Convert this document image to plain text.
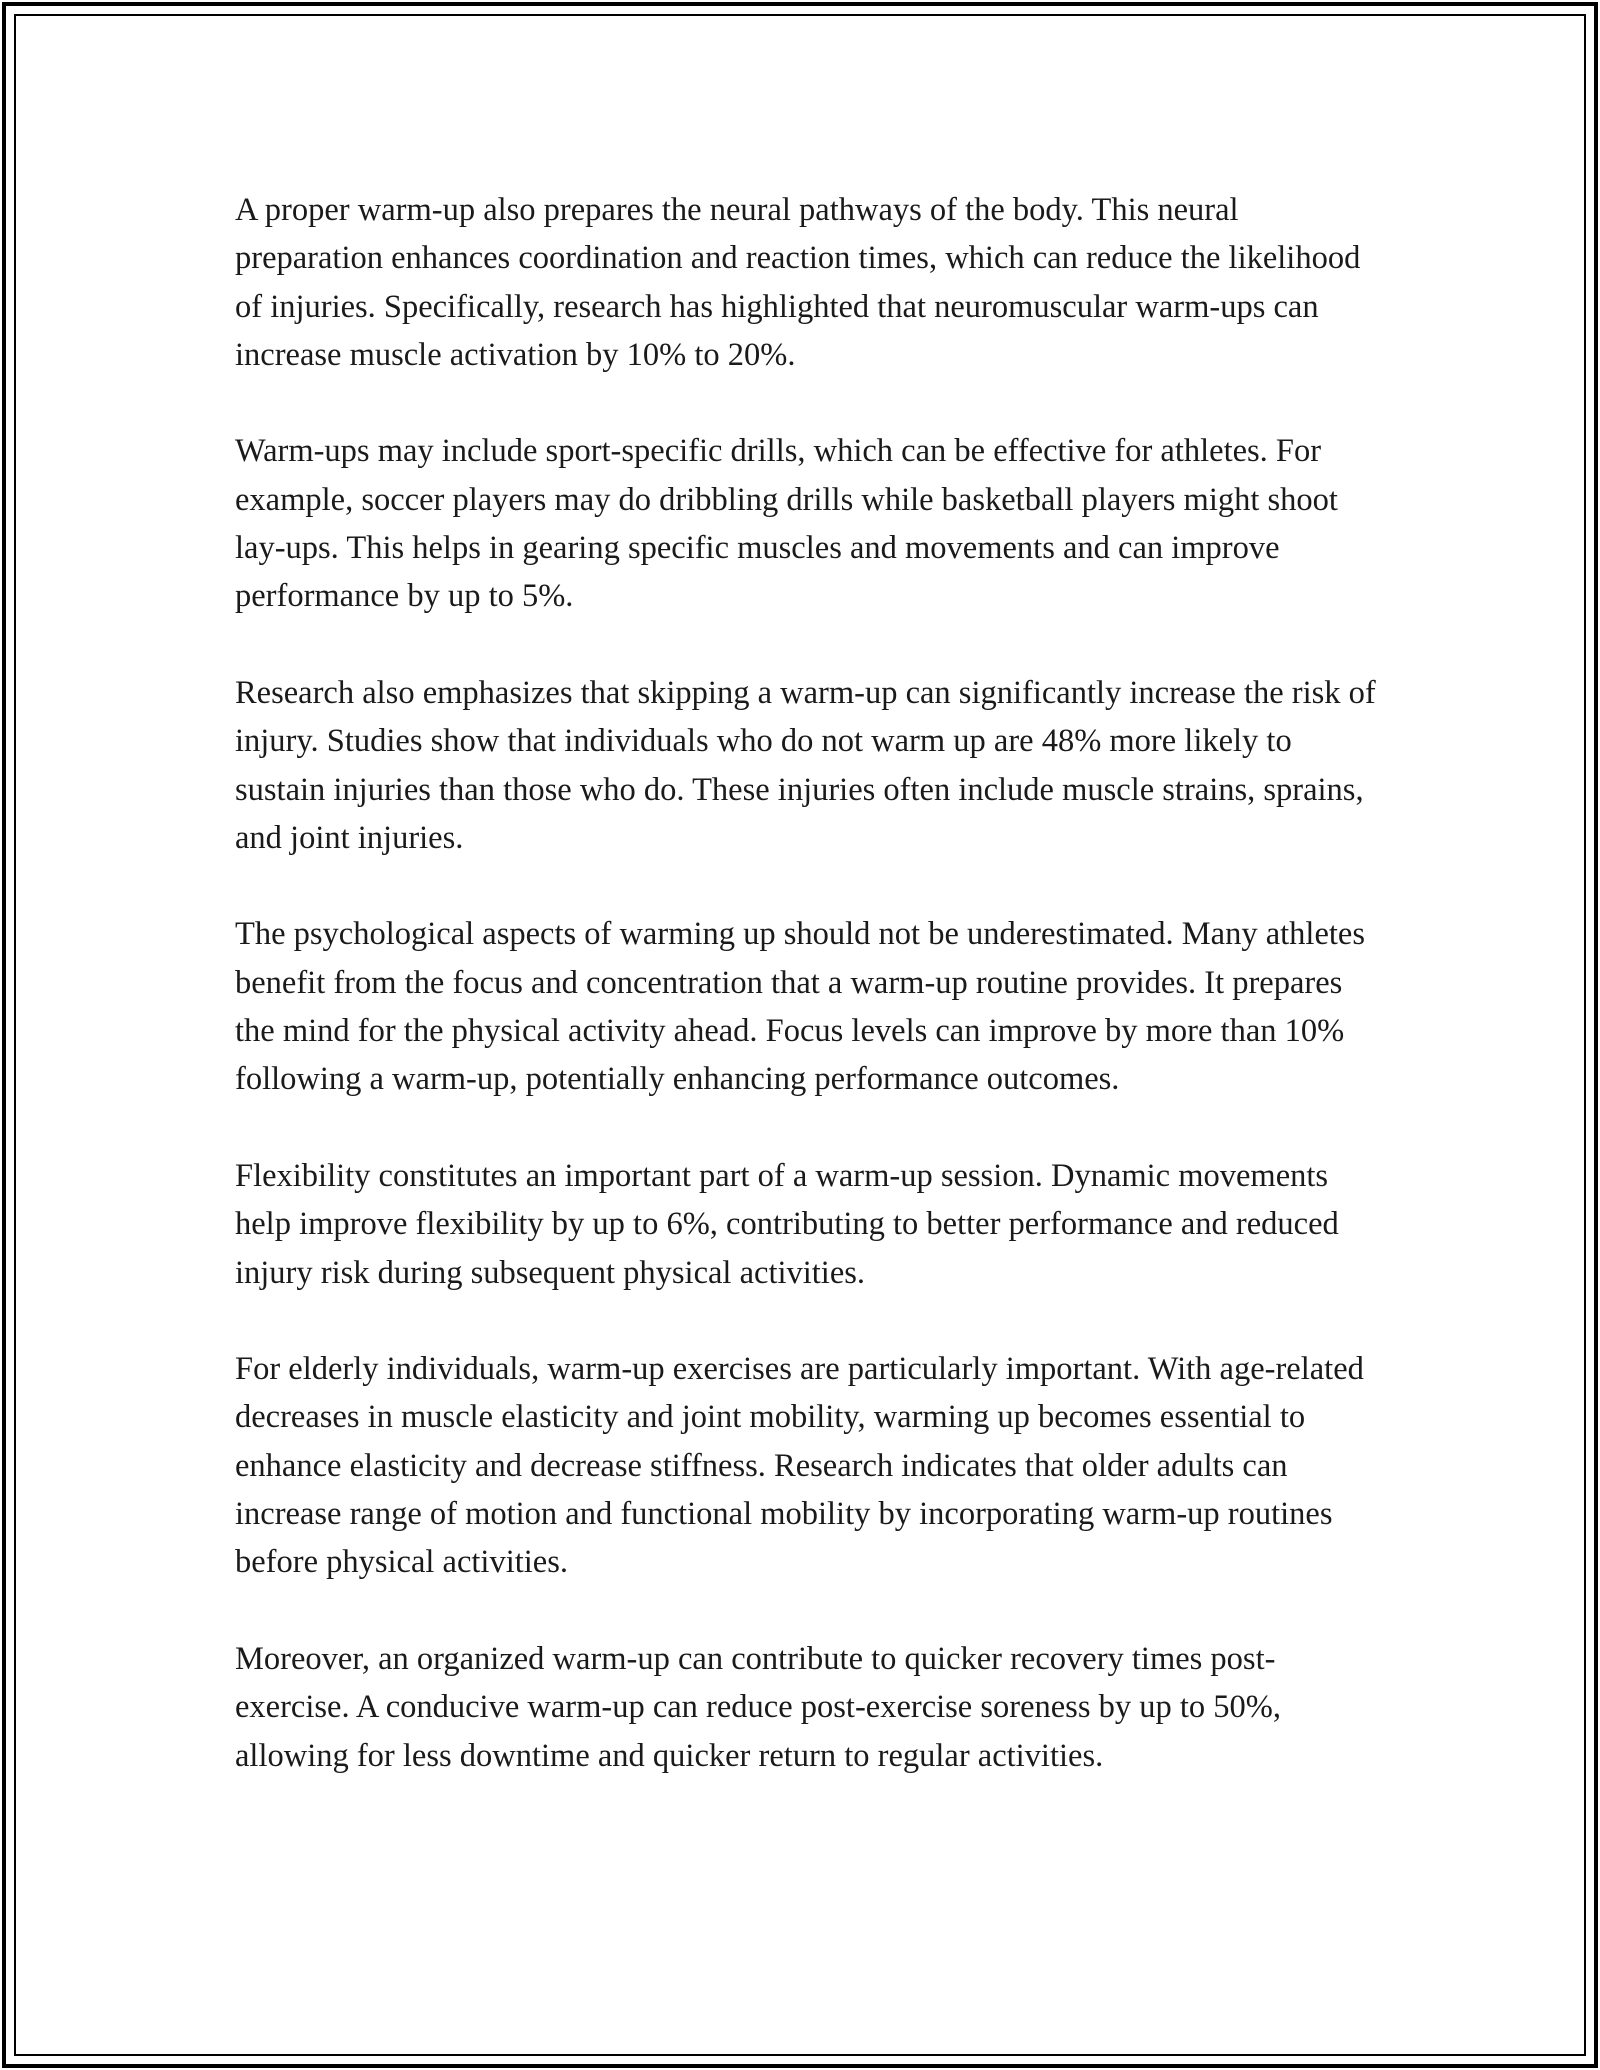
A proper warm-up also prepares the neural pathways of the body. This neural preparation enhances coordination and reaction times, which can reduce the likelihood of injuries. Specifically, research has highlighted that neuromuscular warm-ups can increase muscle activation by 10% to 20%.

Warm-ups may include sport-specific drills, which can be effective for athletes. For example, soccer players may do dribbling drills while basketball players might shoot lay-ups. This helps in gearing specific muscles and movements and can improve performance by up to 5%.

Research also emphasizes that skipping a warm-up can significantly increase the risk of injury. Studies show that individuals who do not warm up are 48% more likely to sustain injuries than those who do. These injuries often include muscle strains, sprains, and joint injuries.

The psychological aspects of warming up should not be underestimated. Many athletes benefit from the focus and concentration that a warm-up routine provides. It prepares the mind for the physical activity ahead. Focus levels can improve by more than 10% following a warm-up, potentially enhancing performance outcomes.

Flexibility constitutes an important part of a warm-up session. Dynamic movements help improve flexibility by up to 6%, contributing to better performance and reduced injury risk during subsequent physical activities.

For elderly individuals, warm-up exercises are particularly important. With age-related decreases in muscle elasticity and joint mobility, warming up becomes essential to enhance elasticity and decrease stiffness. Research indicates that older adults can increase range of motion and functional mobility by incorporating warm-up routines before physical activities.

Moreover, an organized warm-up can contribute to quicker recovery times post-exercise. A conducive warm-up can reduce post-exercise soreness by up to 50%, allowing for less downtime and quicker return to regular activities.
